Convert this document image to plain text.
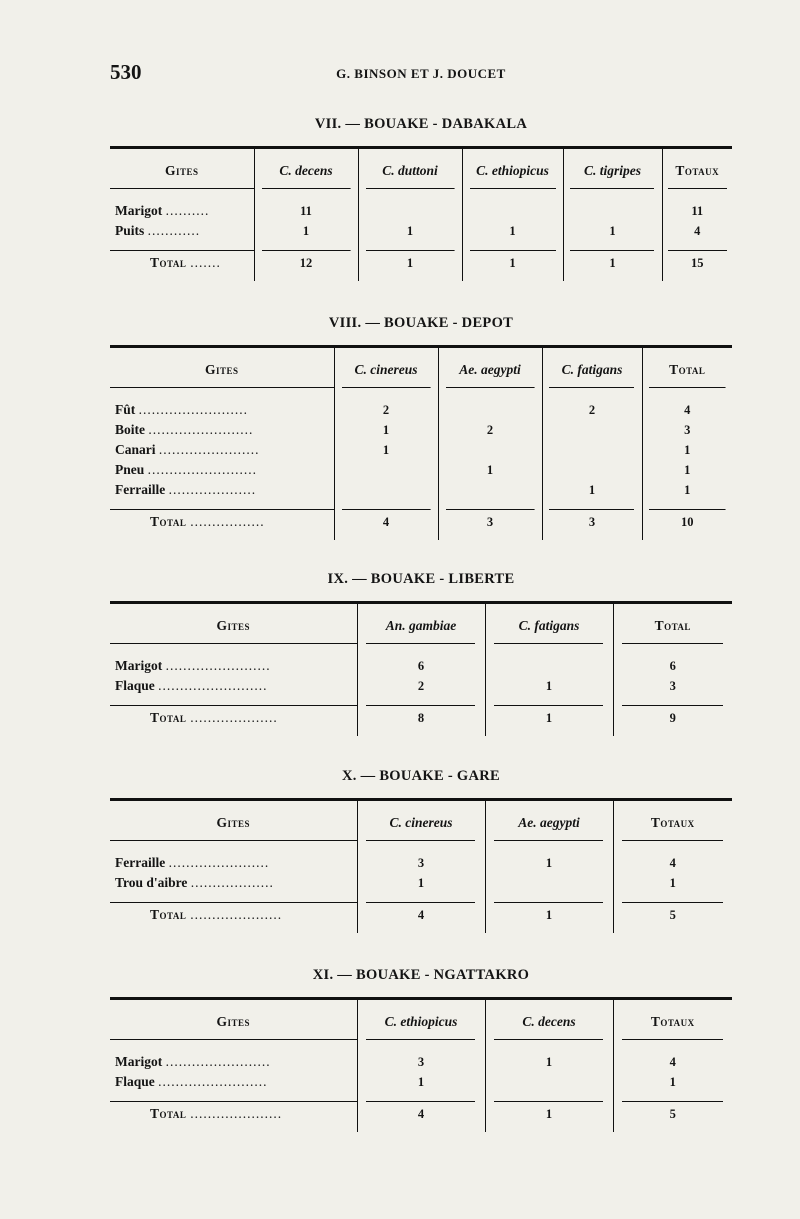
530	G. BINSON ET J. DOUCET
VII. — BOUAKE - DABAKALA
Gites	C. decens	C. duttoni	C. ethiopicus	C. tigripes	Totaux
Marigot ..........	11				11
Puits ............	1	1	1	1	4
Total .......	12	1	1	1	15
VIII. — BOUAKE - DEPOT
Gites	C. cinereus	Ae. aegypti	C. fatigans	Total
Fût .........................	2		2	4
Boite ........................	1	2		3
Canari .......................	1			1
Pneu .........................		1		1
Ferraille ....................			1	1
Total .................	4	3	3	10
IX. — BOUAKE - LIBERTE
Gites	An. gambiae	C. fatigans	Total
Marigot ........................	6		6
Flaque .........................	2	1	3
Total ....................	8	1	9
X. — BOUAKE - GARE
Gites	C. cinereus	Ae. aegypti	Totaux
Ferraille .......................	3	1	4
Trou d'aibre ...................	1		1
Total .....................	4	1	5
XI. — BOUAKE - NGATTAKRO
Gites	C. ethiopicus	C. decens	Totaux
Marigot ........................	3	1	4
Flaque .........................	1		1
Total .....................	4	1	5
